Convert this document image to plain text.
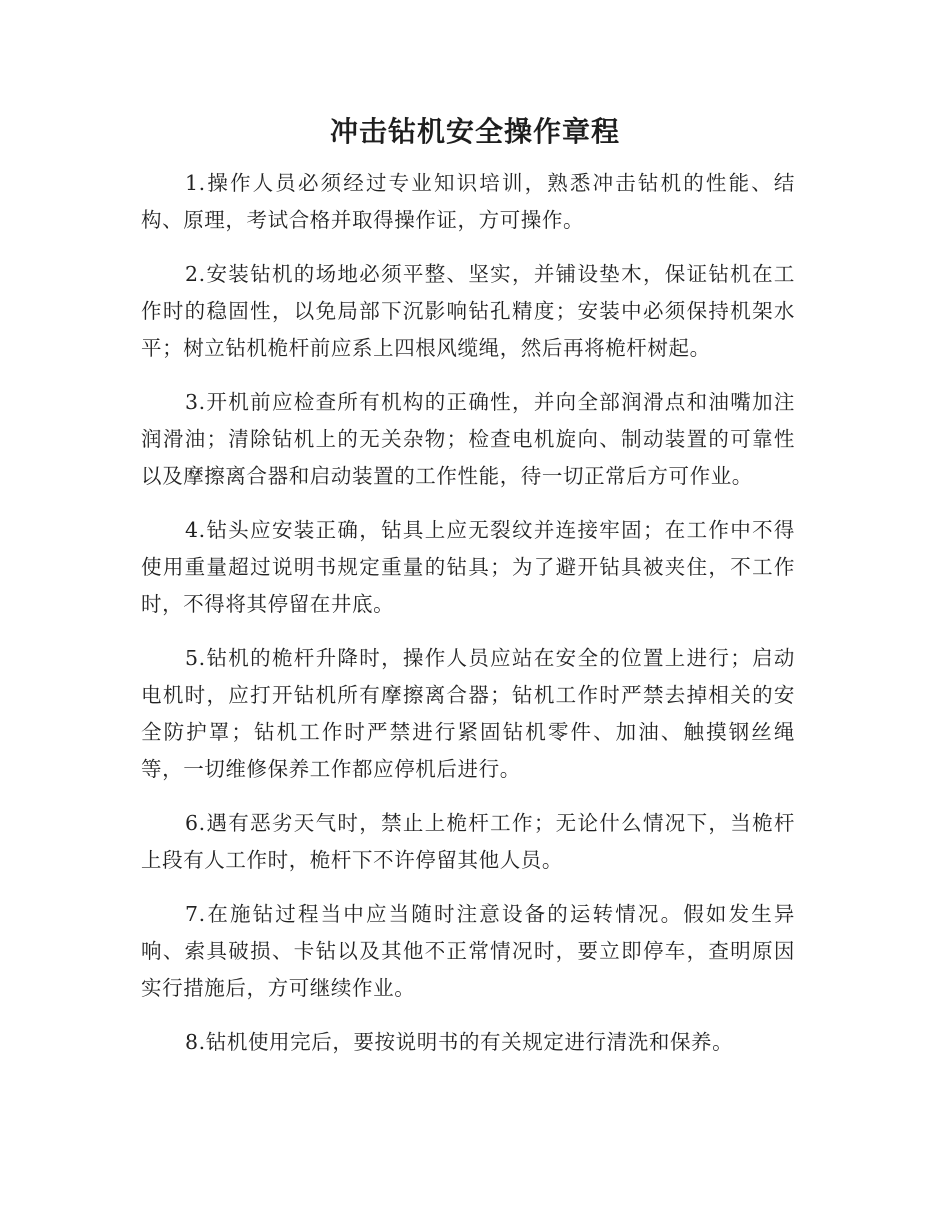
冲击钻机安全操作章程

1.操作人员必须经过专业知识培训，熟悉冲击钻机的性能、结构、原理，考试合格并取得操作证，方可操作。

2.安装钻机的场地必须平整、坚实，并铺设垫木，保证钻机在工作时的稳固性，以免局部下沉影响钻孔精度；安装中必须保持机架水平；树立钻机桅杆前应系上四根风缆绳，然后再将桅杆树起。

3.开机前应检查所有机构的正确性，并向全部润滑点和油嘴加注润滑油；清除钻机上的无关杂物；检查电机旋向、制动装置的可靠性以及摩擦离合器和启动装置的工作性能，待一切正常后方可作业。

4.钻头应安装正确，钻具上应无裂纹并连接牢固；在工作中不得使用重量超过说明书规定重量的钻具；为了避开钻具被夹住，不工作时，不得将其停留在井底。

5.钻机的桅杆升降时，操作人员应站在安全的位置上进行；启动电机时，应打开钻机所有摩擦离合器；钻机工作时严禁去掉相关的安全防护罩；钻机工作时严禁进行紧固钻机零件、加油、触摸钢丝绳等，一切维修保养工作都应停机后进行。

6.遇有恶劣天气时，禁止上桅杆工作；无论什么情况下，当桅杆上段有人工作时，桅杆下不许停留其他人员。

7.在施钻过程当中应当随时注意设备的运转情况。假如发生异响、索具破损、卡钻以及其他不正常情况时，要立即停车，查明原因实行措施后，方可继续作业。

8.钻机使用完后，要按说明书的有关规定进行清洗和保养。
